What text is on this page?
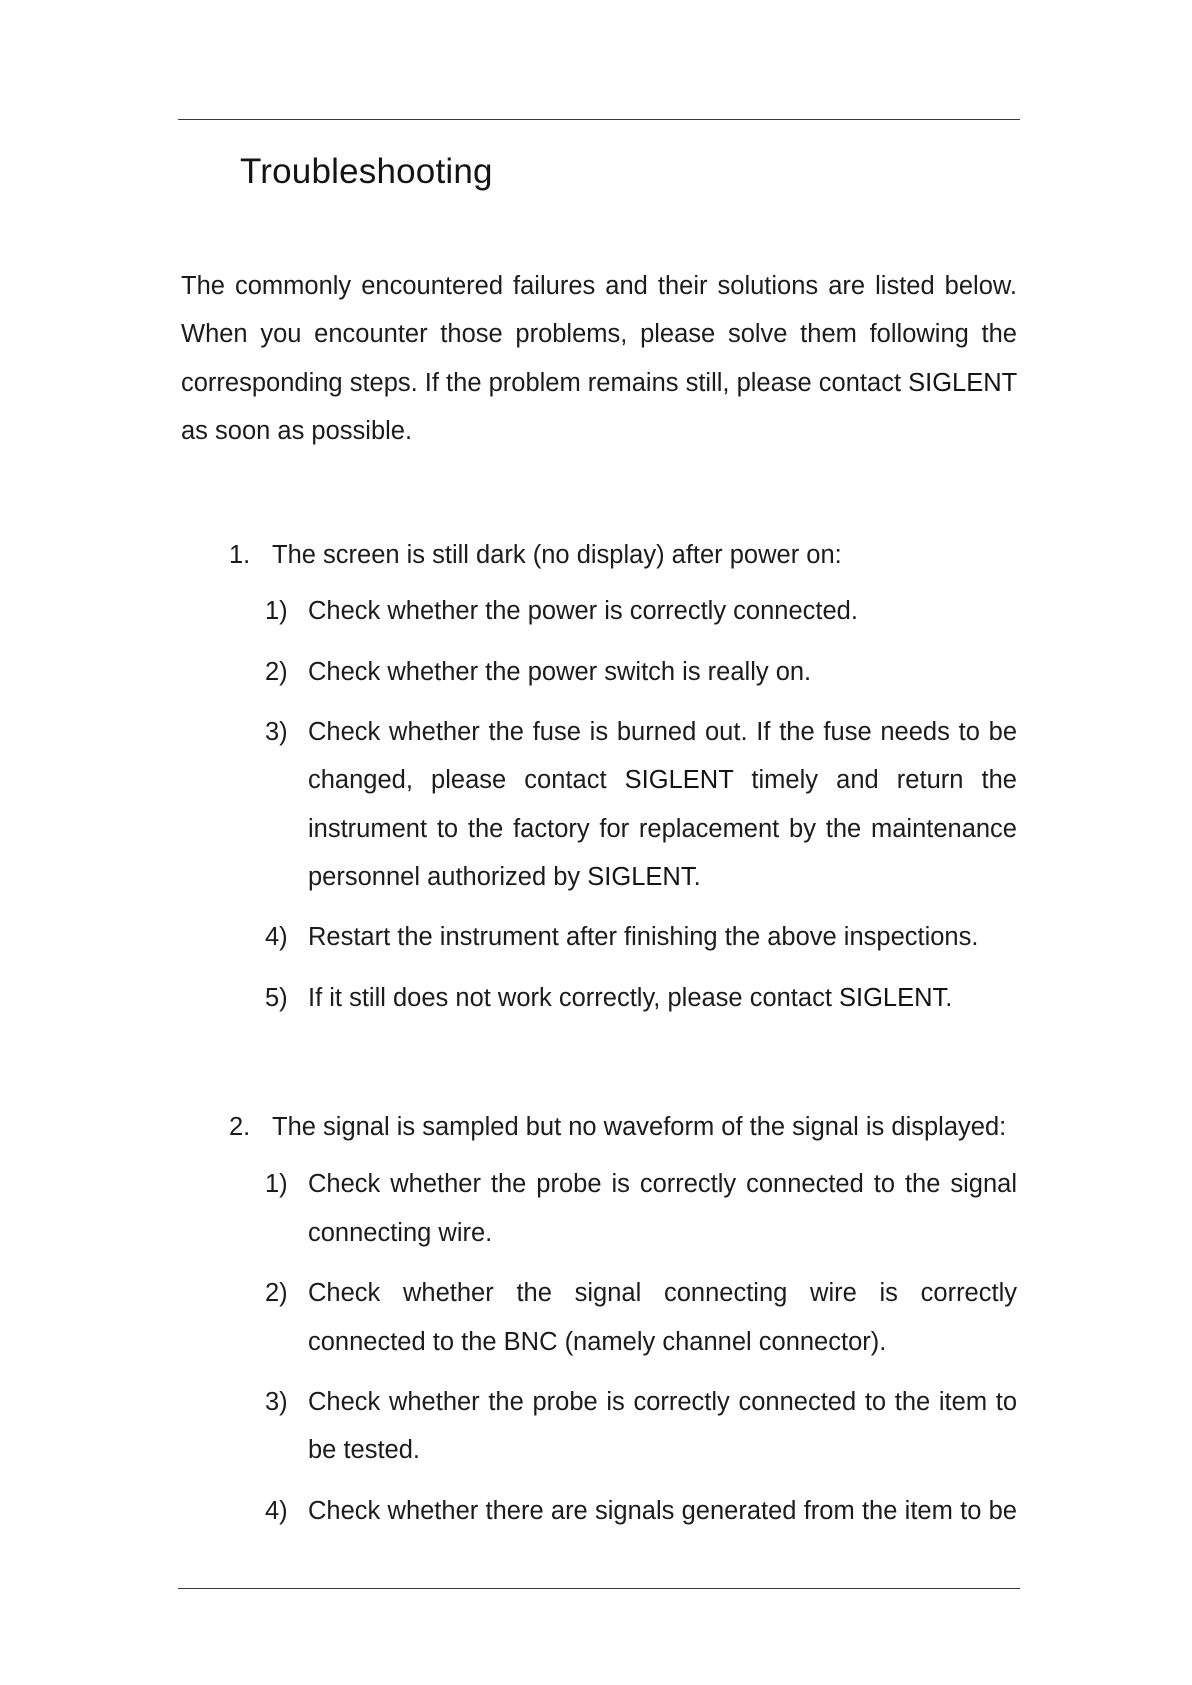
Troubleshooting
The commonly encountered failures and their solutions are listed below.
When you encounter those problems, please solve them following the
corresponding steps. If the problem remains still, please contact SIGLENT
as soon as possible.
1. The screen is still dark (no display) after power on:
1) Check whether the power is correctly connected.
2) Check whether the power switch is really on.
3) Check whether the fuse is burned out. If the fuse needs to be
changed, please contact SIGLENT timely and return the
instrument to the factory for replacement by the maintenance
personnel authorized by SIGLENT.
4) Restart the instrument after finishing the above inspections.
5) If it still does not work correctly, please contact SIGLENT.
2. The signal is sampled but no waveform of the signal is displayed:
1) Check whether the probe is correctly connected to the signal
connecting wire.
2) Check whether the signal connecting wire is correctly
connected to the BNC (namely channel connector).
3) Check whether the probe is correctly connected to the item to
be tested.
4) Check whether there are signals generated from the item to be
